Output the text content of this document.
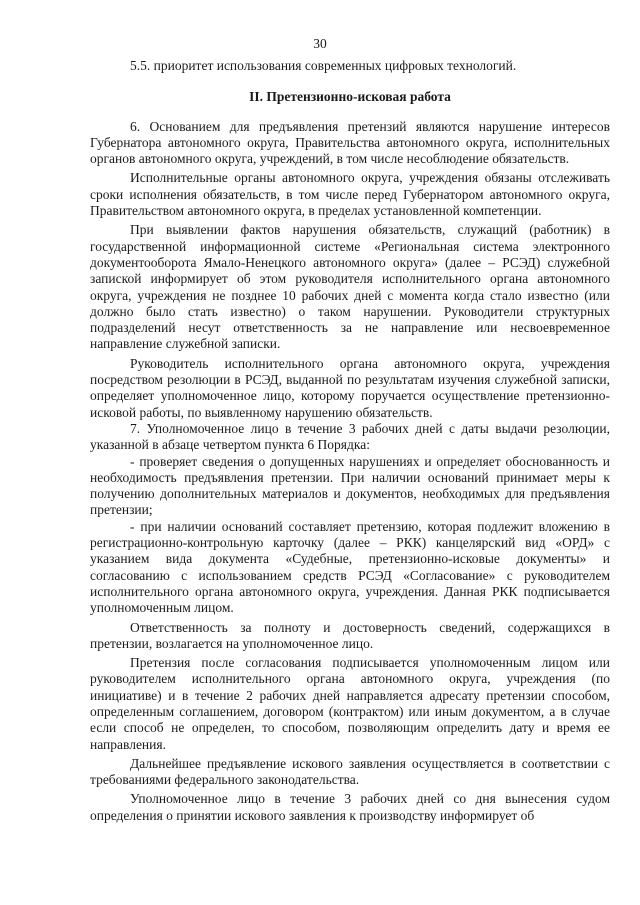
30

5.5. приоритет использования современных цифровых технологий.

II. Претензионно-исковая работа

6. Основанием для предъявления претензий являются нарушение интересов Губернатора автономного округа, Правительства автономного округа, исполнительных органов автономного округа, учреждений, в том числе несоблюдение обязательств.

Исполнительные органы автономного округа, учреждения обязаны отслеживать сроки исполнения обязательств, в том числе перед Губернатором автономного округа, Правительством автономного округа, в пределах установленной компетенции.

При выявлении фактов нарушения обязательств, служащий (работник) в государственной информационной системе «Региональная система электронного документооборота Ямало-Ненецкого автономного округа» (далее – РСЭД) служебной запиской информирует об этом руководителя исполнительного органа автономного округа, учреждения не позднее 10 рабочих дней с момента когда стало известно (или должно было стать известно) о таком нарушении. Руководители структурных подразделений несут ответственность за не направление или несвоевременное направление служебной записки.

Руководитель исполнительного органа автономного округа, учреждения посредством резолюции в РСЭД, выданной по результатам изучения служебной записки, определяет уполномоченное лицо, которому поручается осуществление претензионно-исковой работы, по выявленному нарушению обязательств.

7. Уполномоченное лицо в течение 3 рабочих дней с даты выдачи резолюции, указанной в абзаце четвертом пункта 6 Порядка:

- проверяет сведения о допущенных нарушениях и определяет обоснованность и необходимость предъявления претензии. При наличии оснований принимает меры к получению дополнительных материалов и документов, необходимых для предъявления претензии;

- при наличии оснований составляет претензию, которая подлежит вложению в регистрационно-контрольную карточку (далее – РКК) канцелярский вид «ОРД» с указанием вида документа «Судебные, претензионно-исковые документы» и согласованию с использованием средств РСЭД «Согласование» с руководителем исполнительного органа автономного округа, учреждения. Данная РКК подписывается уполномоченным лицом.

Ответственность за полноту и достоверность сведений, содержащихся в претензии, возлагается на уполномоченное лицо.

Претензия после согласования подписывается уполномоченным лицом или руководителем исполнительного органа автономного округа, учреждения (по инициативе) и в течение 2 рабочих дней направляется адресату претензии способом, определенным соглашением, договором (контрактом) или иным документом, а в случае если способ не определен, то способом, позволяющим определить дату и время ее направления.

Дальнейшее предъявление искового заявления осуществляется в соответствии с требованиями федерального законодательства.

Уполномоченное лицо в течение 3 рабочих дней со дня вынесения судом определения о принятии искового заявления к производству информирует об
